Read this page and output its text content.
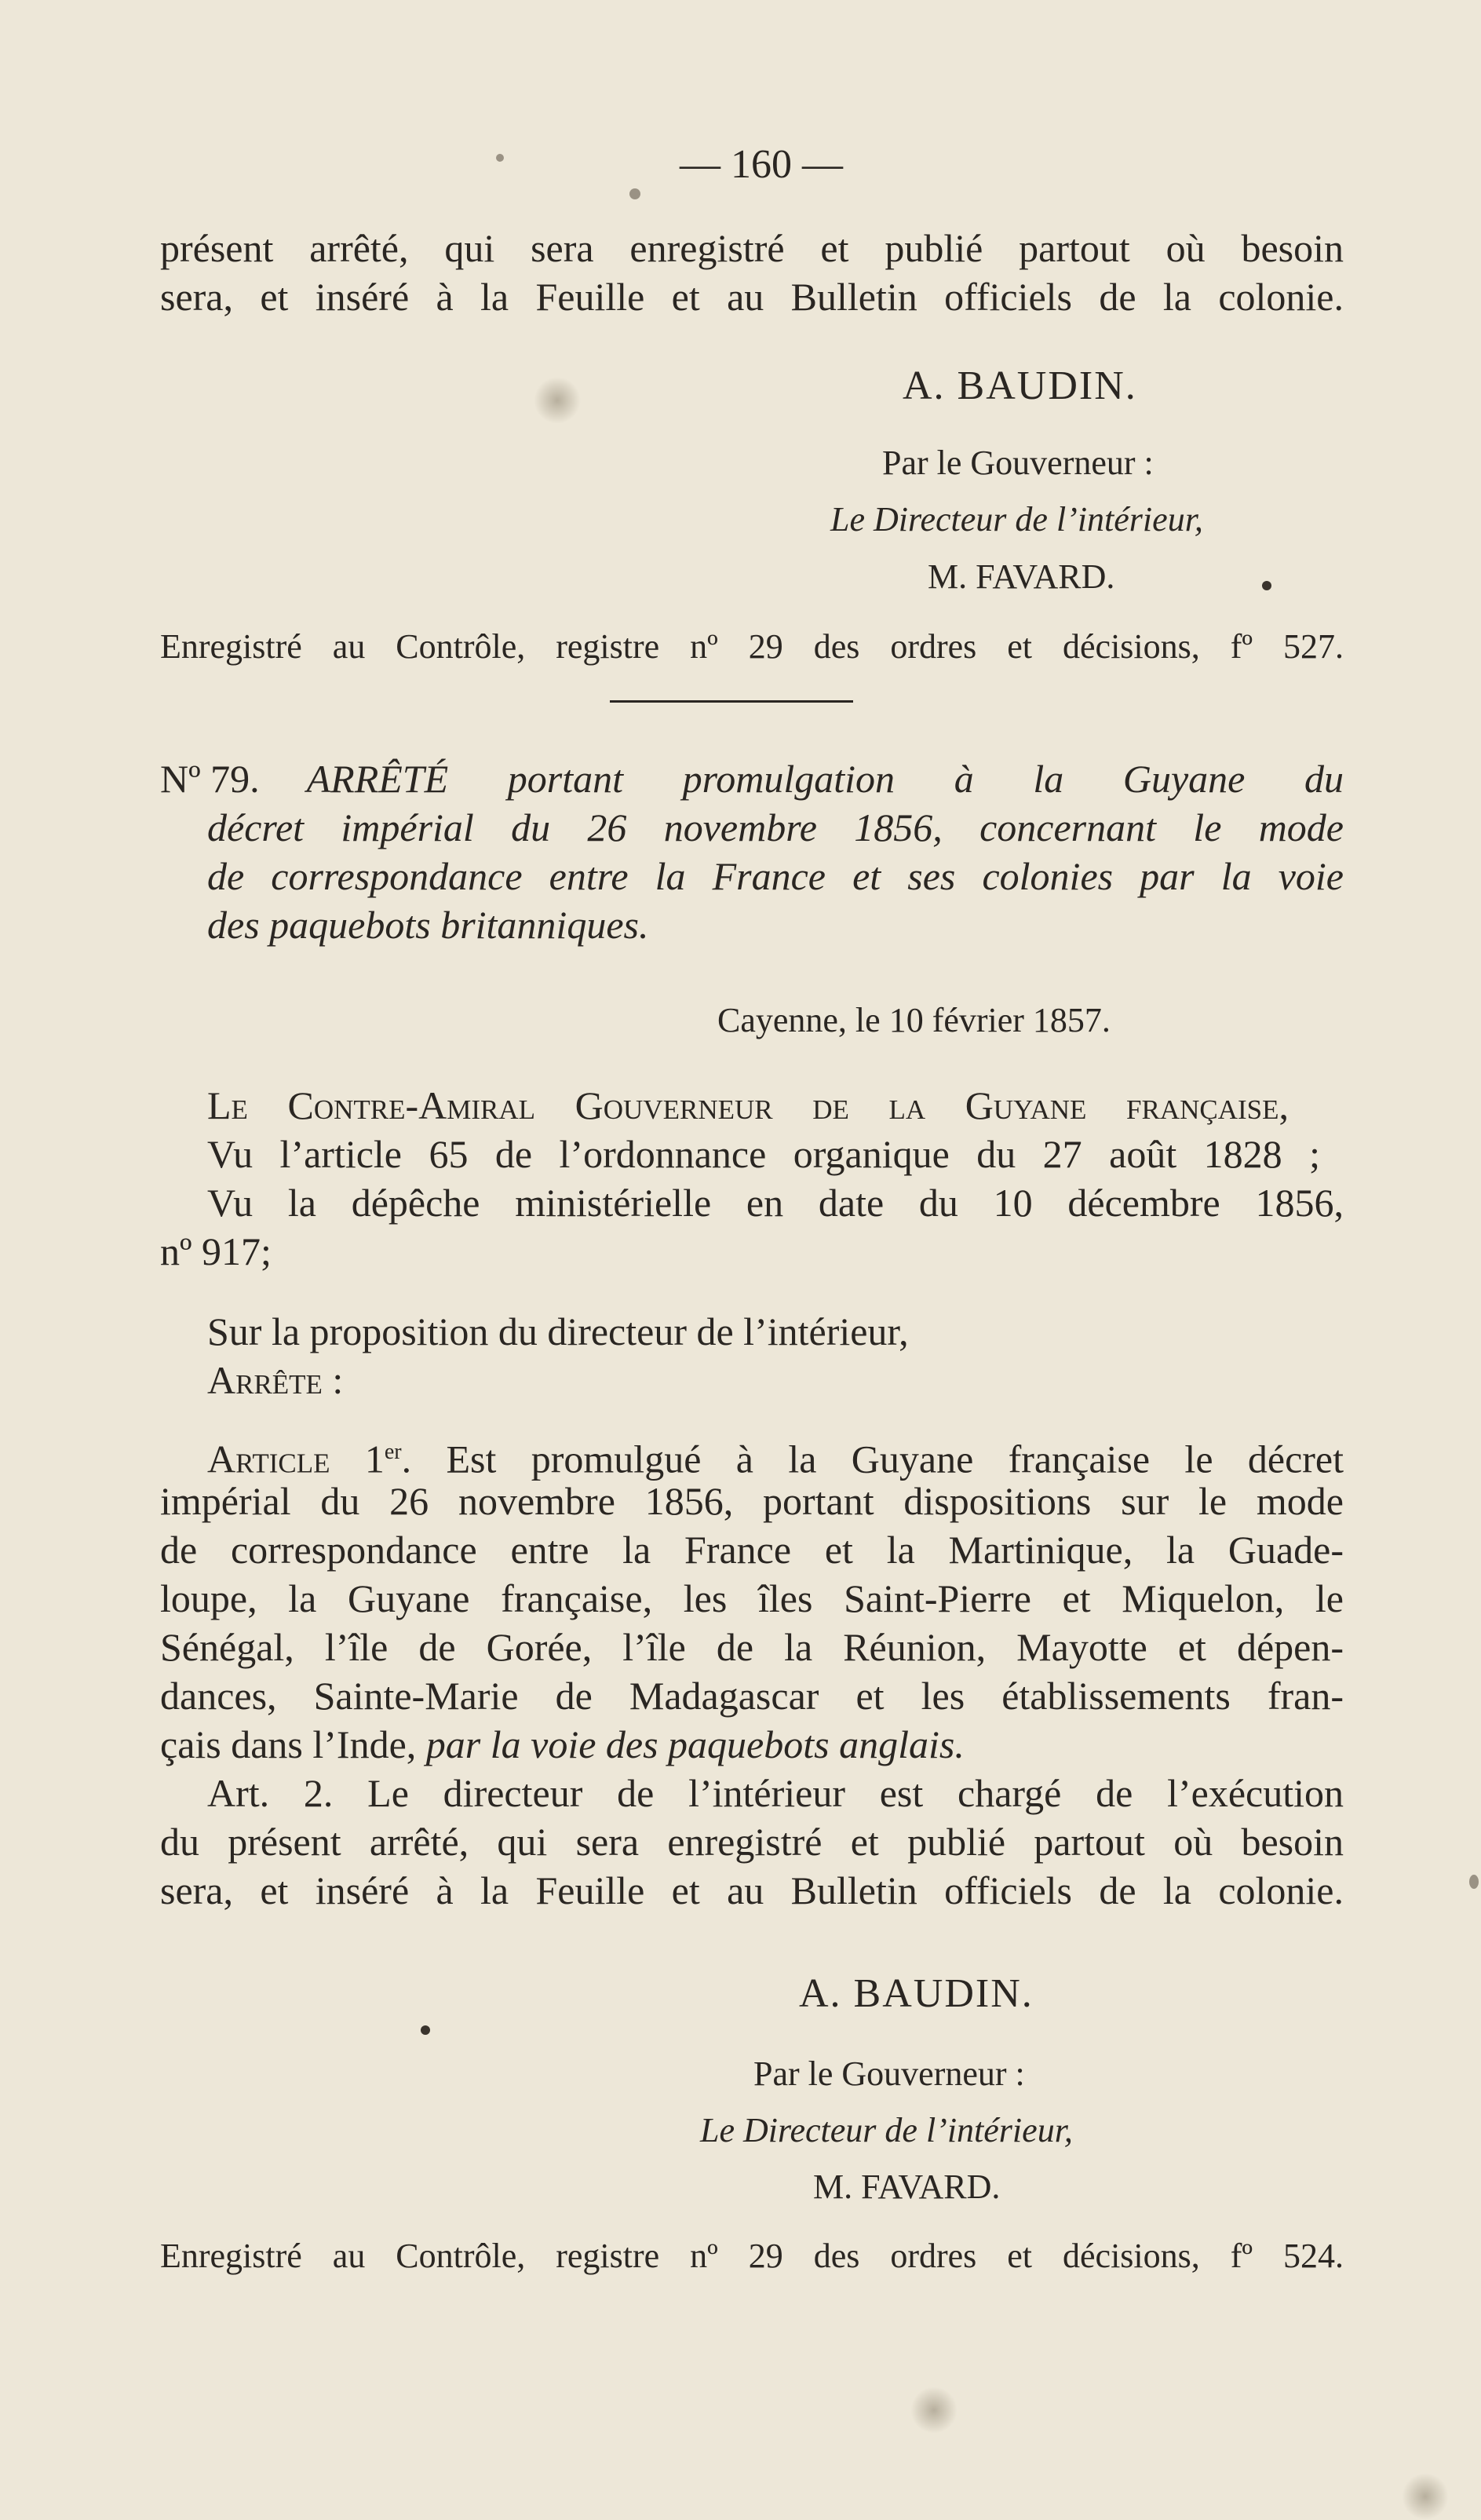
— 160 —
présent arrêté, qui sera enregistré et publié partout où besoin
sera, et inséré à la Feuille et au Bulletin officiels de la colonie.
A. BAUDIN.
Par le Gouverneur :
Le Directeur de l’intérieur,
M. FAVARD.
Enregistré au Contrôle, registre nº 29 des ordres et décisions, fº 527.
Nº 79. ARRÊTÉ portant promulgation à la Guyane du
décret impérial du 26 novembre 1856, concernant le mode
de correspondance entre la France et ses colonies par la voie
des paquebots britanniques.
Cayenne, le 10 février 1857.
Le Contre-Amiral Gouverneur de la Guyane française,
Vu l’article 65 de l’ordonnance organique du 27 août 1828 ;
Vu la dépêche ministérielle en date du 10 décembre 1856,
nº 917;
Sur la proposition du directeur de l’intérieur,
Arrête :
Article 1er. Est promulgué à la Guyane française le décret
impérial du 26 novembre 1856, portant dispositions sur le mode
de correspondance entre la France et la Martinique, la Guade-
loupe, la Guyane française, les îles Saint-Pierre et Miquelon, le
Sénégal, l’île de Gorée, l’île de la Réunion, Mayotte et dépen-
dances, Sainte-Marie de Madagascar et les établissements fran-
çais dans l’Inde, par la voie des paquebots anglais.
Art. 2. Le directeur de l’intérieur est chargé de l’exécution
du présent arrêté, qui sera enregistré et publié partout où besoin
sera, et inséré à la Feuille et au Bulletin officiels de la colonie.
A. BAUDIN.
Par le Gouverneur :
Le Directeur de l’intérieur,
M. FAVARD.
Enregistré au Contrôle, registre nº 29 des ordres et décisions, fº 524.
